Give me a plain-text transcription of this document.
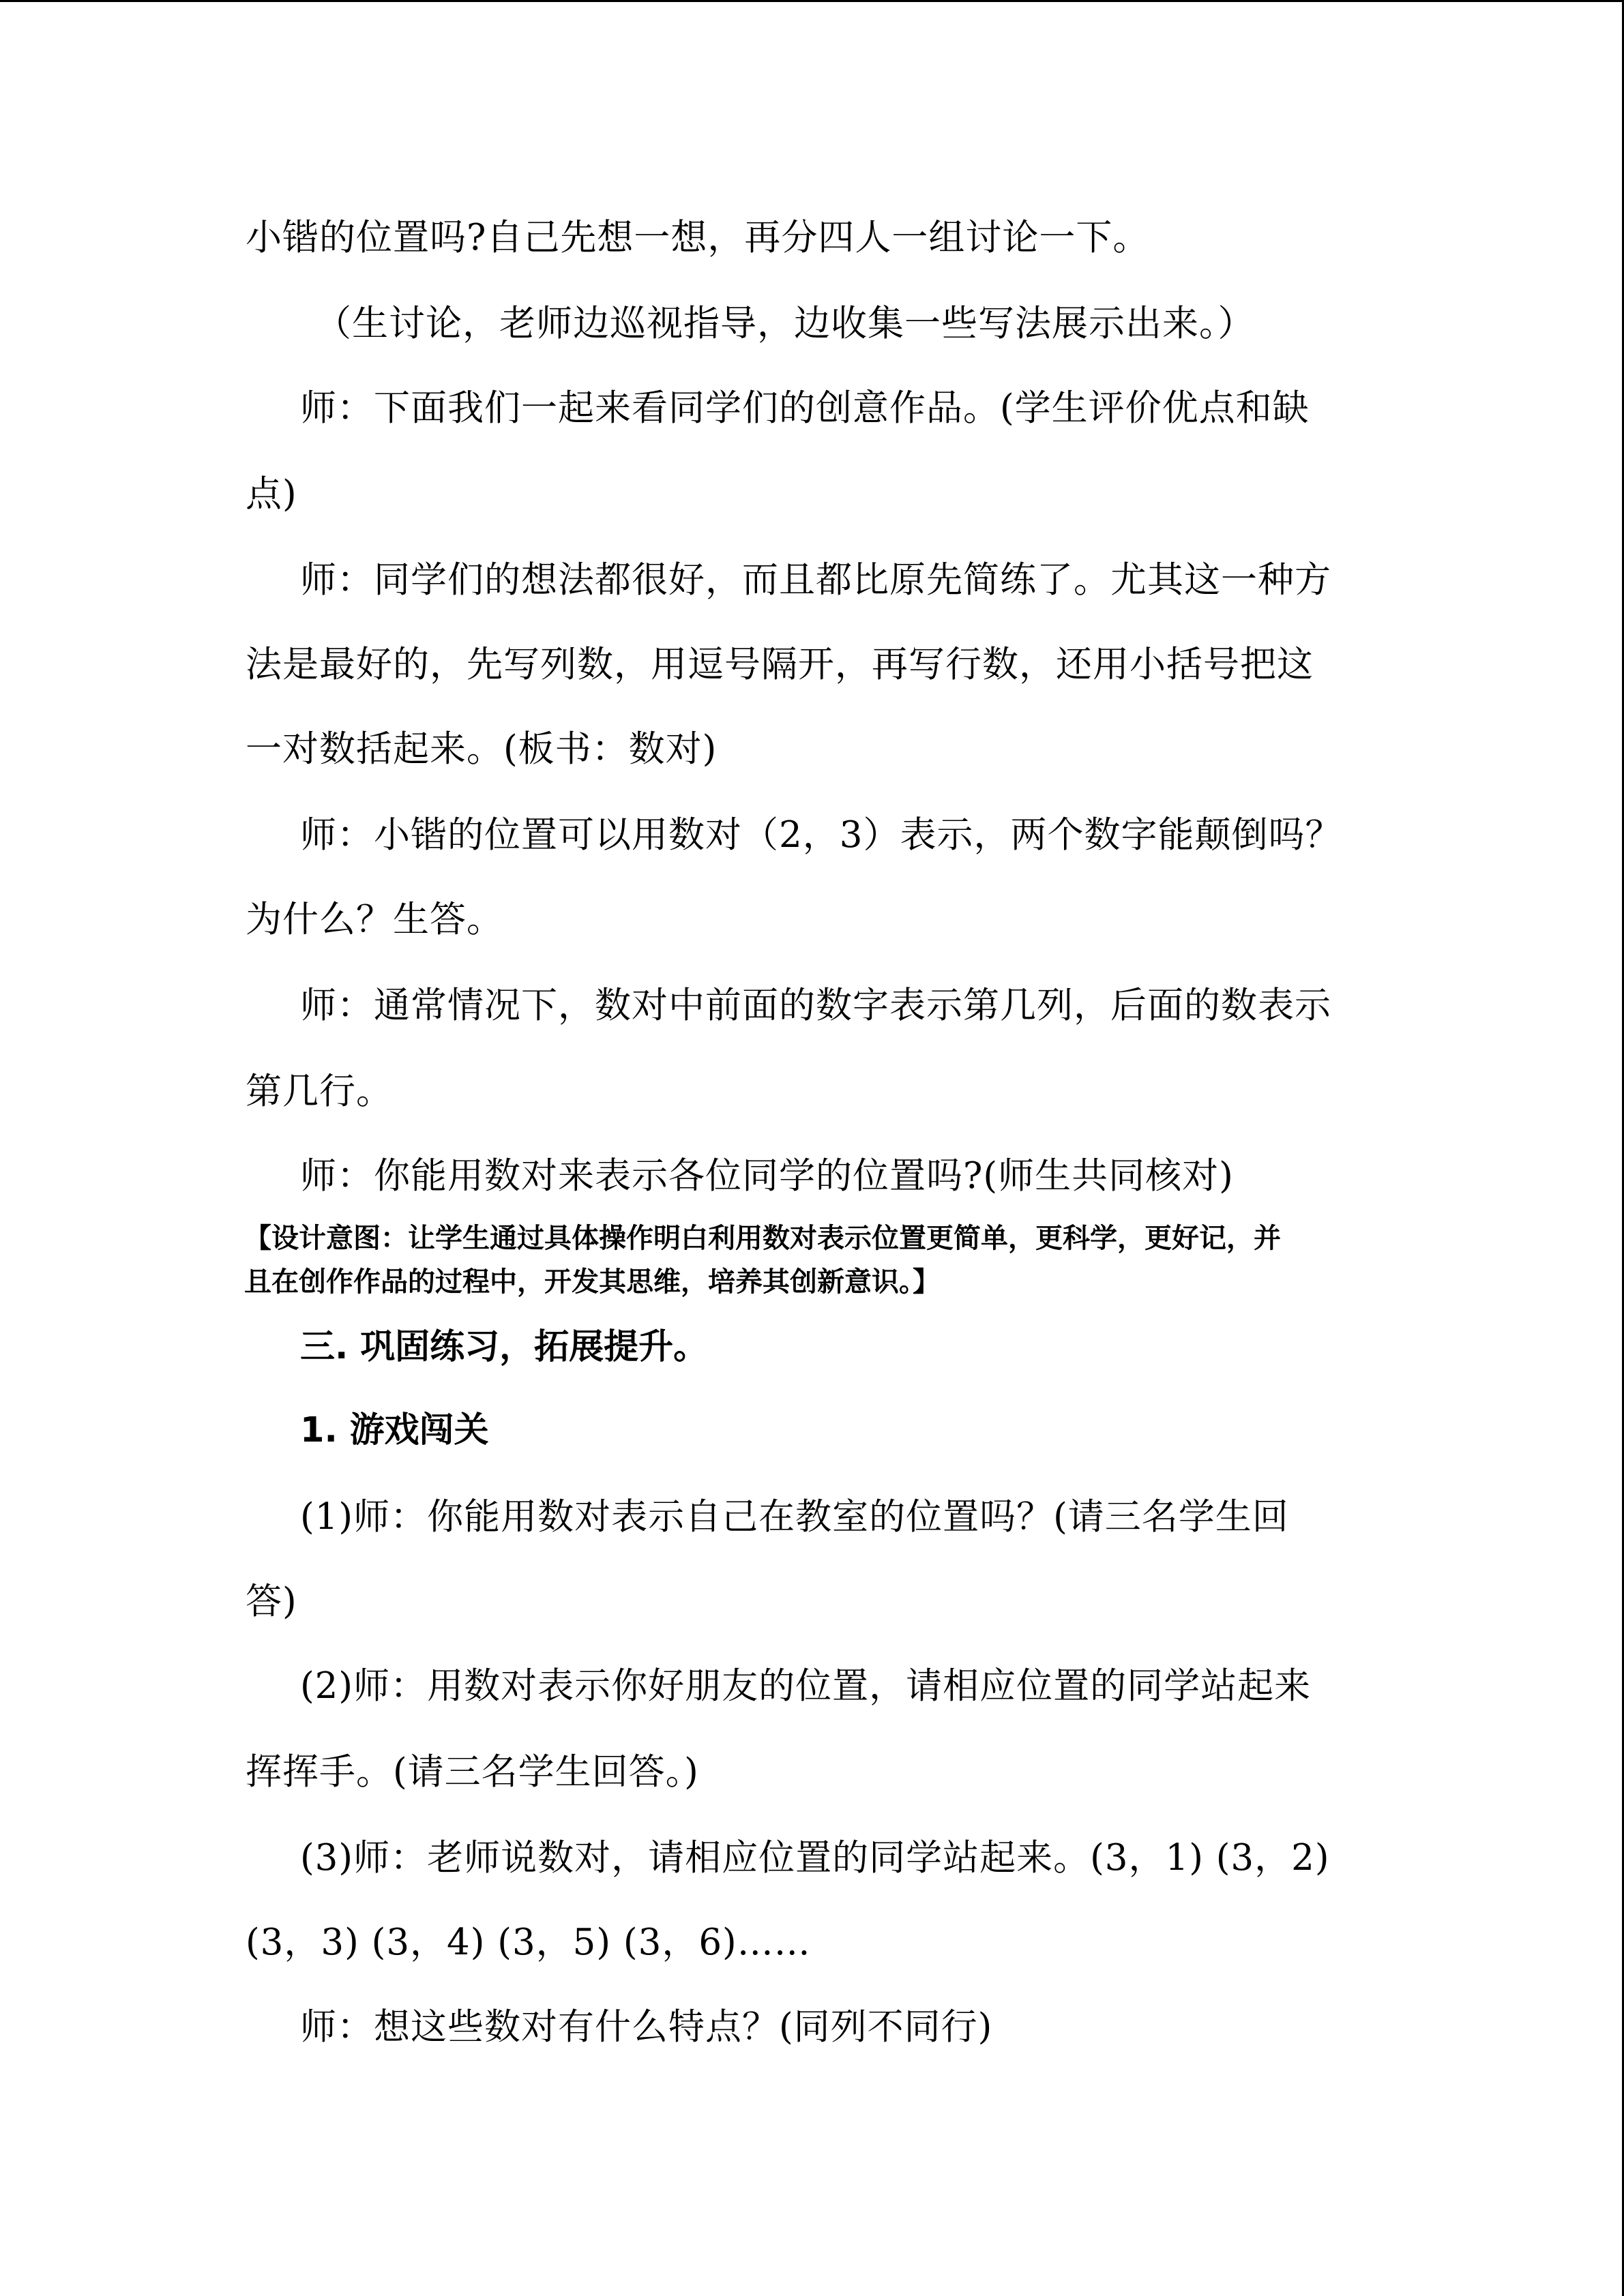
小锴的位置吗?自己先想一想，再分四人一组讨论一下。
（生讨论，老师边巡视指导，边收集一些写法展示出来。）
师：下面我们一起来看同学们的创意作品。(学生评价优点和缺
点)
师：同学们的想法都很好，而且都比原先简练了。尤其这一种方
法是最好的，先写列数，用逗号隔开，再写行数，还用小括号把这
一对数括起来。(板书：数对)
师：小锴的位置可以用数对（2，3）表示，两个数字能颠倒吗？
为什么？生答。
师：通常情况下，数对中前面的数字表示第几列，后面的数表示
第几行。
师：你能用数对来表示各位同学的位置吗?(师生共同核对)
【设计意图：让学生通过具体操作明白利用数对表示位置更简单，更科学，更好记，并
且在创作作品的过程中，开发其思维，培养其创新意识。】
三. 巩固练习，拓展提升。
1. 游戏闯关
(1)师：你能用数对表示自己在教室的位置吗？(请三名学生回
答)
(2)师：用数对表示你好朋友的位置，请相应位置的同学站起来
挥挥手。(请三名学生回答。)
(3)师：老师说数对，请相应位置的同学站起来。(3，1) (3，2)
(3，3) (3，4) (3，5) (3，6)……
师：想这些数对有什么特点？(同列不同行)
